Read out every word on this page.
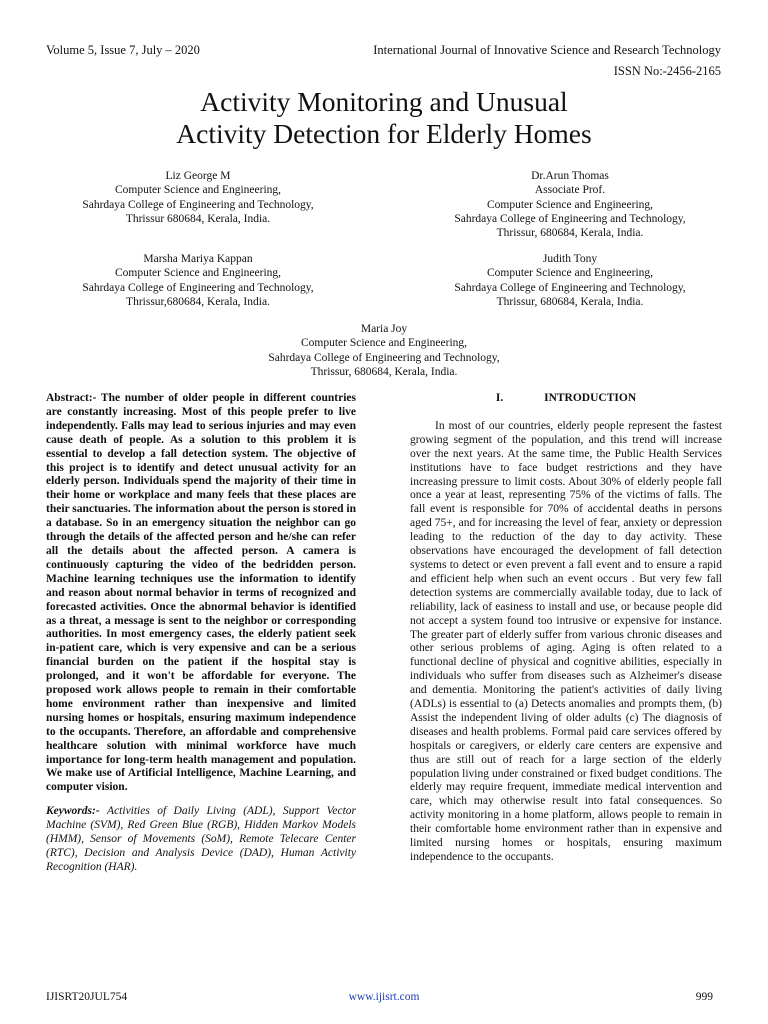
Volume 5, Issue 7, July – 2020	International Journal of Innovative Science and Research Technology
ISSN No:-2456-2165
Activity Monitoring and Unusual
Activity Detection for Elderly Homes
Liz George M
Computer Science and Engineering,
Sahrdaya College of Engineering and Technology,
Thrissur 680684, Kerala, India.
Dr.Arun Thomas
Associate Prof.
Computer Science and Engineering,
Sahrdaya College of Engineering and Technology,
Thrissur, 680684, Kerala, India.
Marsha Mariya Kappan
Computer Science and Engineering,
Sahrdaya College of Engineering and Technology,
Thrissur,680684, Kerala, India.
Judith Tony
Computer Science and Engineering,
Sahrdaya College of Engineering and Technology,
Thrissur, 680684, Kerala, India.
Maria Joy
Computer Science and Engineering,
Sahrdaya College of Engineering and Technology,
Thrissur, 680684, Kerala, India.

Abstract:- The number of older people in different countries are constantly increasing. Most of this people prefer to live independently. Falls may lead to serious injuries and may even cause death of people. As a solution to this problem it is essential to develop a fall detection system. The objective of this project is to identify and detect unusual activity for an elderly person. Individuals spend the majority of their time in their home or workplace and many feels that these places are their sanctuaries. The information about the person is stored in a database. So in an emergency situation the neighbor can go through the details of the affected person and he/she can refer all the details about the affected person. A camera is continuously capturing the video of the bedridden person. Machine learning techniques use the information to identify and reason about normal behavior in terms of recognized and forecasted activities. Once the abnormal behavior is identified as a threat, a message is sent to the neighbor or corresponding authorities. In most emergency cases, the elderly patient seek in-patient care, which is very expensive and can be a serious financial burden on the patient if the hospital stay is prolonged, and it won't be affordable for everyone. The proposed work allows people to remain in their comfortable home environment rather than inexpensive and limited nursing homes or hospitals, ensuring maximum independence to the occupants. Therefore, an affordable and comprehensive healthcare solution with minimal workforce have much importance for long-term health management and population. We make use of Artificial Intelligence, Machine Learning, and computer vision.

Keywords:- Activities of Daily Living (ADL), Support Vector Machine (SVM), Red Green Blue (RGB), Hidden Markov Models (HMM), Sensor of Movements (SoM), Remote Telecare Center (RTC), Decision and Analysis Device (DAD), Human Activity Recognition (HAR).

I.	INTRODUCTION

In most of our countries, elderly people represent the fastest growing segment of the population, and this trend will increase over the next years. At the same time, the Public Health Services institutions have to face budget restrictions and they have increasing pressure to limit costs. About 30% of elderly people fall once a year at least, representing 75% of the victims of falls. The fall event is responsible for 70% of accidental deaths in persons aged 75+, and for increasing the level of fear, anxiety or depression leading to the reduction of the day to day activity. These observations have encouraged the development of fall detection systems to detect or even prevent a fall event and to ensure a rapid and efficient help when such an event occurs . But very few fall detection systems are commercially available today, due to lack of reliability, lack of easiness to install and use, or because people did not accept a system found too intrusive or expensive for instance. The greater part of elderly suffer from various chronic diseases and other serious problems of aging. Aging is often related to a functional decline of physical and cognitive abilities, especially in individuals who suffer from diseases such as Alzheimer's disease and dementia. Monitoring the patient's activities of daily living (ADLs) is essential to (a) Detects anomalies and prompts them, (b) Assist the independent living of older adults (c) The diagnosis of diseases and health problems. Formal paid care services offered by hospitals or caregivers, or elderly care centers are expensive and thus are still out of reach for a large section of the elderly population living under constrained or fixed budget conditions. The elderly may require frequent, immediate medical intervention and care, which may otherwise result into fatal consequences. So activity monitoring in a home platform, allows people to remain in their comfortable home environment rather than in expensive and limited nursing homes or hospitals, ensuring maximum independence to the occupants.

IJISRT20JUL754	www.ijisrt.com	999
